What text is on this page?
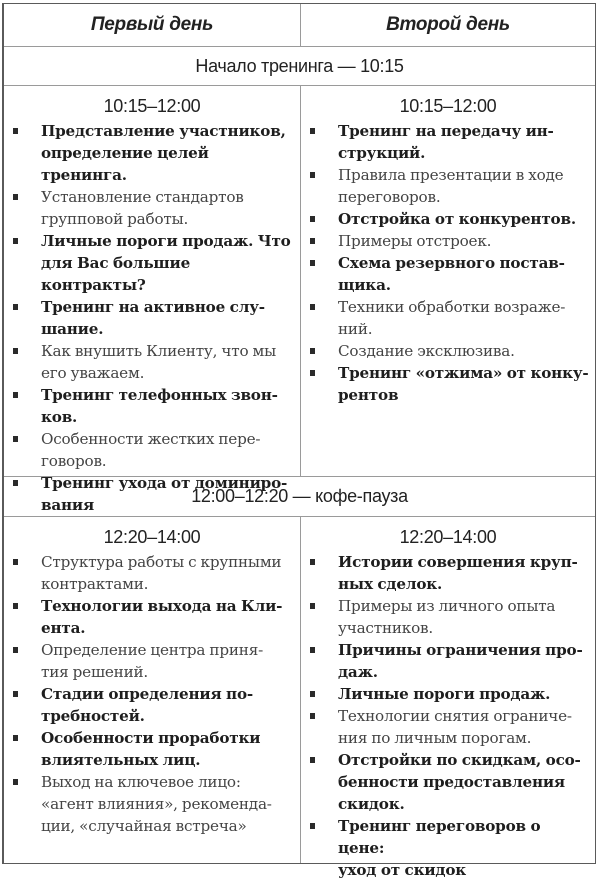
Первый день	Второй день
Начало тренинга — 10:15
10:15–12:00
Представление участников,
определение целей тренинга.
Установление стандартов
групповой работы.
Личные пороги продаж. Что
для Вас большие контракты?
Тренинг на активное слу-
шание.
Как внушить Клиенту, что мы
его уважаем.
Тренинг телефонных звон-
ков.
Особенности жестких пере-
говоров.
Тренинг ухода от доминиро-
вания
10:15–12:00
Тренинг на передачу ин-
струкций.
Правила презентации в ходе
переговоров.
Отстройка от конкурентов.
Примеры отстроек.
Схема резервного постав-
щика.
Техники обработки возраже-
ний.
Создание эксклюзива.
Тренинг «отжима» от конку-
рентов
12:00–12:20 — кофе-пауза
12:20–14:00
Структура работы с крупными
контрактами.
Технологии выхода на Кли-
ента.
Определение центра приня-
тия решений.
Стадии определения по-
требностей.
Особенности проработки
влиятельных лиц.
Выход на ключевое лицо:
«агент влияния», рекоменда-
ции, «случайная встреча»
12:20–14:00
Истории совершения круп-
ных сделок.
Примеры из личного опыта
участников.
Причины ограничения про-
даж.
Личные пороги продаж.
Технологии снятия ограниче-
ния по личным порогам.
Отстройки по скидкам, осо-
бенности предоставления
скидок.
Тренинг переговоров о цене:
уход от скидок
